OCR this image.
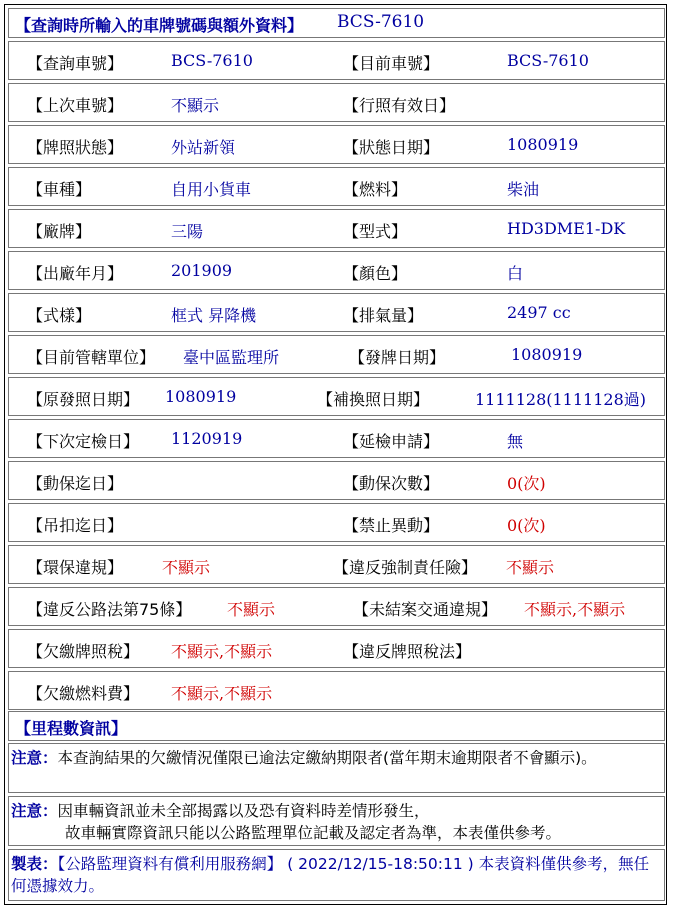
【查詢時所輸入的車牌號碼與額外資料】 BCS-7610
【查詢車號】	BCS-7610	【目前車號】	BCS-7610
【上次車號】	不顯示	【行照有效日】
【牌照狀態】	外站新領	【狀態日期】	1080919
【車種】	自用小貨車	【燃料】	柴油
【廠牌】	三陽	【型式】	HD3DME1-DK
【出廠年月】	201909	【顏色】	白
【式樣】	框式 昇降機	【排氣量】	2497 cc
【目前管轄單位】 臺中區監理所	【發牌日期】	1080919
【原發照日期】 1080919	【補換照日期】	1111128(1111128過)
【下次定檢日】 1120919	【延檢申請】	無
【動保迄日】	【動保次數】	0(次)
【吊扣迄日】	【禁止異動】	0(次)
【環保違規】 不顯示	【違反強制責任險】 不顯示
【違反公路法第75條】 不顯示	【未結案交通違規】 不顯示,不顯示
【欠繳牌照稅】 不顯示,不顯示	【違反牌照稅法】
【欠繳燃料費】 不顯示,不顯示
【里程數資訊】
注意：本查詢結果的欠繳情況僅限已逾法定繳納期限者(當年期末逾期限者不會顯示)。
注意：因車輛資訊並未全部揭露以及恐有資料時差情形發生，
故車輛實際資訊只能以公路監理單位記載及認定者為準，本表僅供參考。
製表：【公路監理資料有償利用服務網】 ( 2022/12/15-18:50:11 ) 本表資料僅供參考，無任何憑據效力。
